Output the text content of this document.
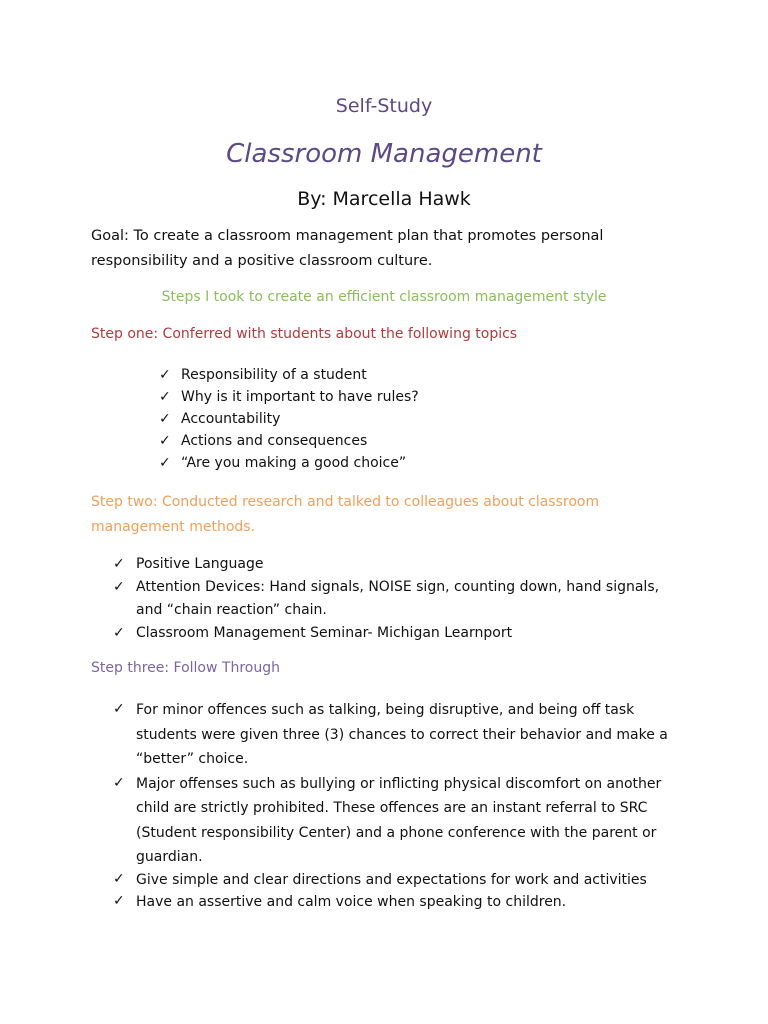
Self-Study
Classroom Management
By: Marcella Hawk
Goal: To create a classroom management plan that promotes personal responsibility and a positive classroom culture.
Steps I took to create an efficient classroom management style
Step one: Conferred with students about the following topics
✓ Responsibility of a student
✓ Why is it important to have rules?
✓ Accountability
✓ Actions and consequences
✓ “Are you making a good choice”
Step two: Conducted research and talked to colleagues about classroom management methods.
✓ Positive Language
✓ Attention Devices: Hand signals, NOISE sign, counting down, hand signals, and “chain reaction” chain.
✓ Classroom Management Seminar- Michigan Learnport
Step three: Follow Through
✓ For minor offences such as talking, being disruptive, and being off task students were given three (3) chances to correct their behavior and make a “better” choice.
✓ Major offenses such as bullying or inflicting physical discomfort on another child are strictly prohibited. These offences are an instant referral to SRC (Student responsibility Center) and a phone conference with the parent or guardian.
✓ Give simple and clear directions and expectations for work and activities
✓ Have an assertive and calm voice when speaking to children.
